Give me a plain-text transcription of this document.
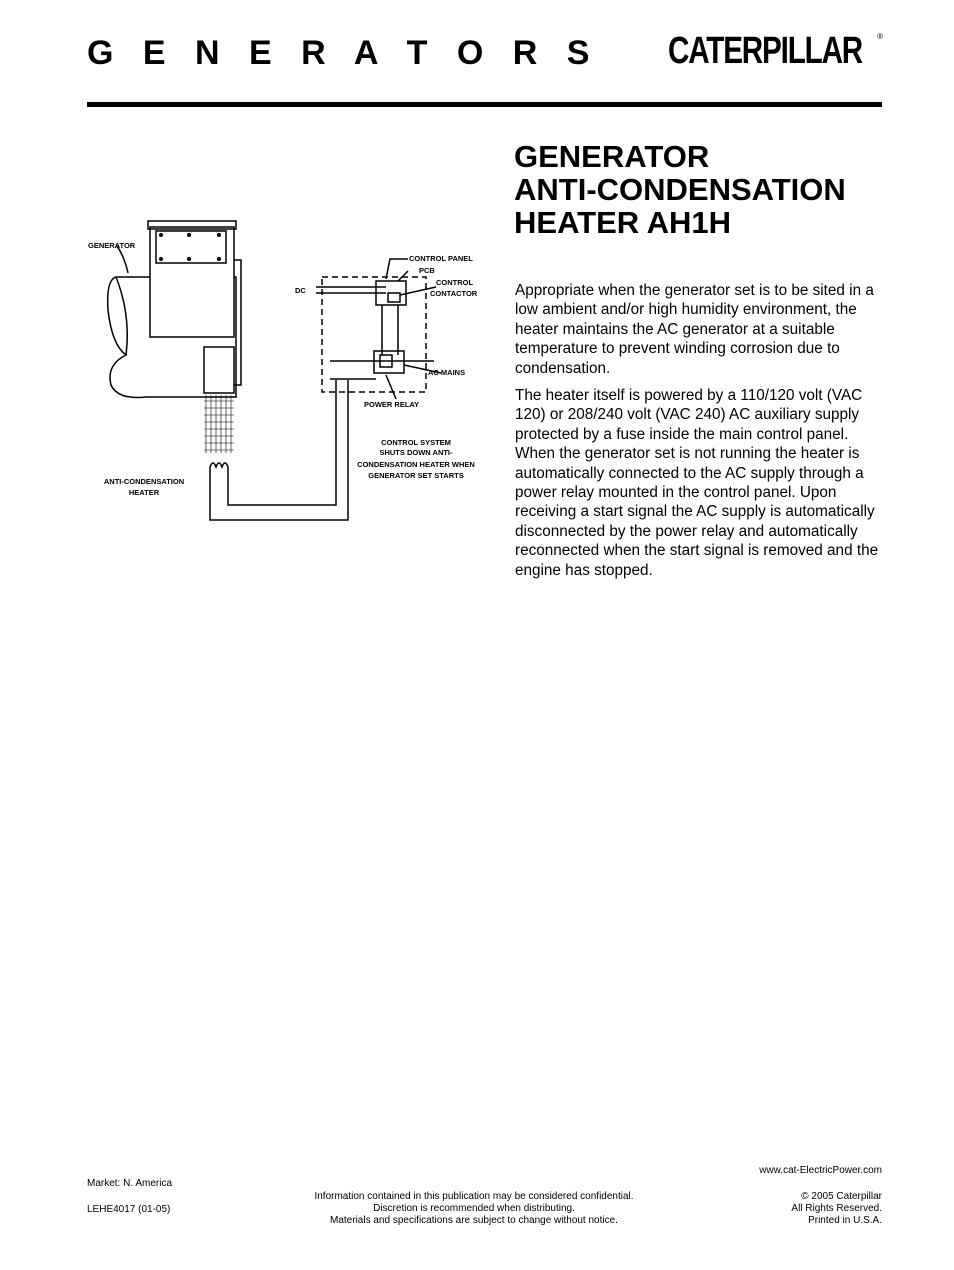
G E N E R A T O R S CATERPILLAR ®
GENERATOR
CONTROL PANEL
PCB
CONTROL
CONTACTOR
DC
AC MAINS
POWER RELAY
CONTROL SYSTEM
SHUTS DOWN ANTI-
CONDENSATION HEATER WHEN
GENERATOR SET STARTS
ANTI-CONDENSATION
HEATER
GENERATOR
ANTI-CONDENSATION
HEATER AH1H

Appropriate when the generator set is to be sited in a low ambient and/or high humidity environment, the heater maintains the AC generator at a suitable temperature to prevent winding corrosion due to condensation.

The heater itself is powered by a 110/120 volt (VAC 120) or 208/240 volt (VAC 240) AC auxiliary supply protected by a fuse inside the main control panel. When the generator set is not running the heater is automatically connected to the AC supply through a power relay mounted in the control panel. Upon receiving a start signal the AC supply is automatically disconnected by the power relay and automatically reconnected when the start signal is removed and the engine has stopped.

Market: N. America
LEHE4017 (01-05)
www.cat-ElectricPower.com
Information contained in this publication may be considered confidential.
Discretion is recommended when distributing.
Materials and specifications are subject to change without notice.
© 2005 Caterpillar
All Rights Reserved.
Printed in U.S.A.
